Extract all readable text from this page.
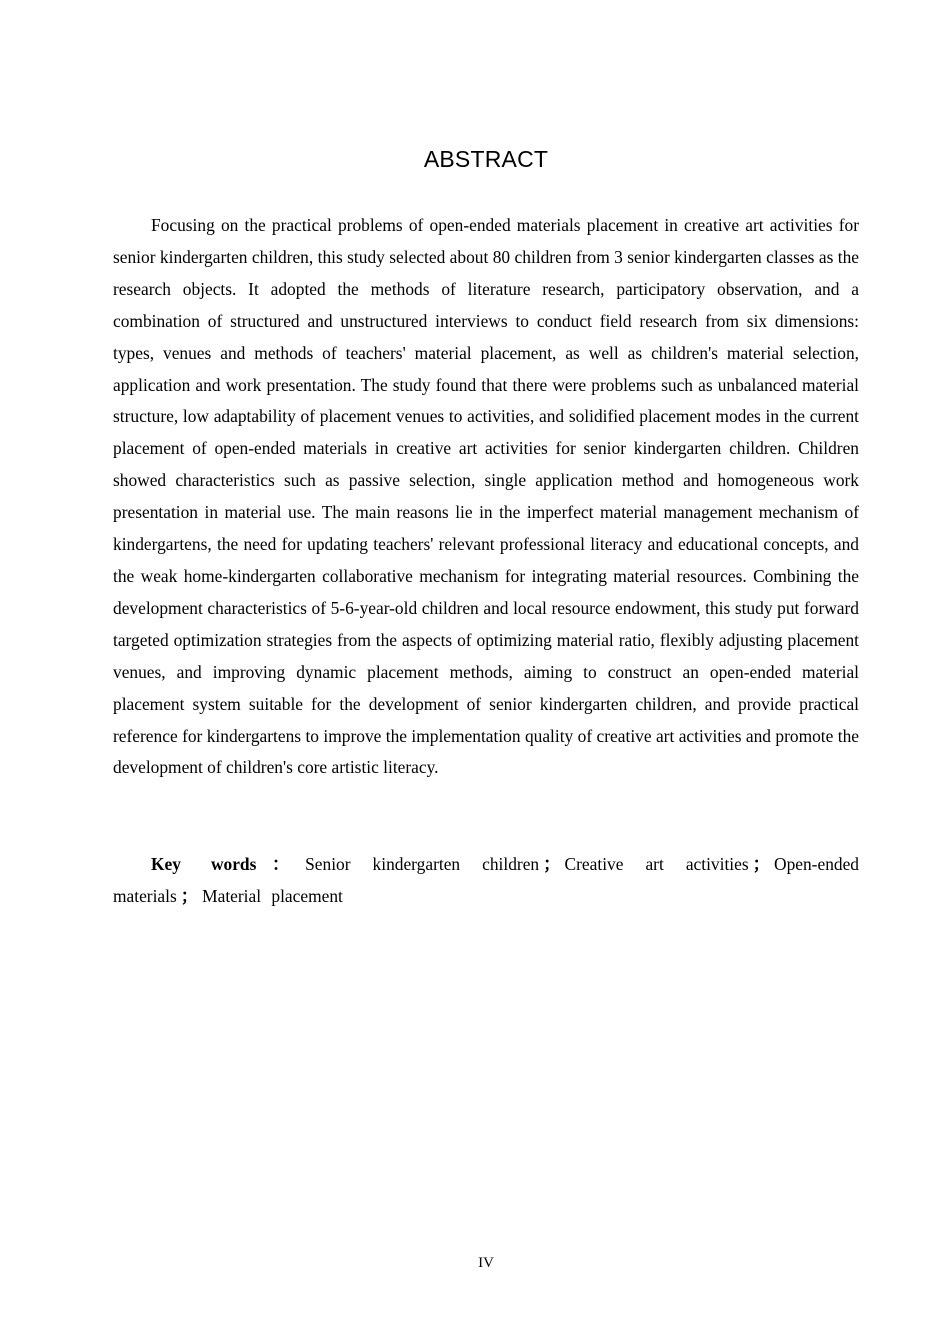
ABSTRACT

Focusing on the practical problems of open-ended materials placement in creative art activities for senior kindergarten children, this study selected about 80 children from 3 senior kindergarten classes as the research objects. It adopted the methods of literature research, participatory observation, and a combination of structured and unstructured interviews to conduct field research from six dimensions: types, venues and methods of teachers' material placement, as well as children's material selection, application and work presentation. The study found that there were problems such as unbalanced material structure, low adaptability of placement venues to activities, and solidified placement modes in the current placement of open-ended materials in creative art activities for senior kindergarten children. Children showed characteristics such as passive selection, single application method and homogeneous work presentation in material use. The main reasons lie in the imperfect material management mechanism of kindergartens, the need for updating teachers' relevant professional literacy and educational concepts, and the weak home-kindergarten collaborative mechanism for integrating material resources. Combining the development characteristics of 5-6-year-old children and local resource endowment, this study put forward targeted optimization strategies from the aspects of optimizing material ratio, flexibly adjusting placement venues, and improving dynamic placement methods, aiming to construct an open-ended material placement system suitable for the development of senior kindergarten children, and provide practical reference for kindergartens to improve the implementation quality of creative art activities and promote the development of children's core artistic literacy.

Key words ： Senior kindergarten children ； Creative art activities ； Open-ended materials ； Material placement

IV
